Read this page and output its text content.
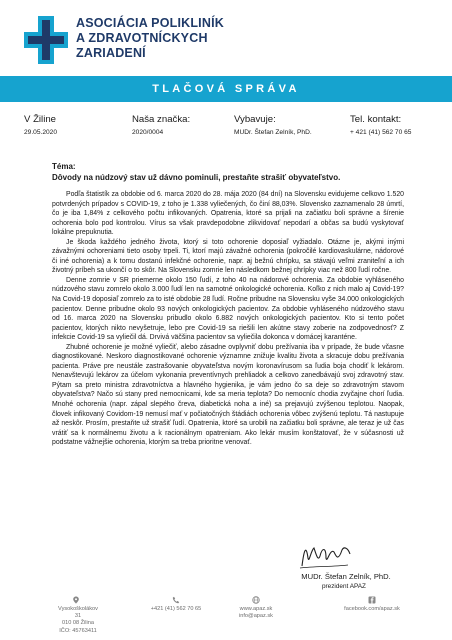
ASOCIÁCIA POLIKLINÍK
A ZDRAVOTNÍCKYCH
ZARIADENÍ
TLAČOVÁ SPRÁVA
V Žiline
29.05.2020
Naša značka:
2020/0004
Vybavuje:
MUDr. Štefan Zelník, PhD.
Tel. kontakt:
+ 421 (41) 562 70 65
Téma:
Dôvody na núdzový stav už dávno pominuli, prestaňte strašiť obyvateľstvo.

Podľa štatistík za obdobie od 6. marca 2020 do 28. mája 2020 (84 dní) na Slovensku evidujeme celkovo 1.520 potvrdených prípadov s COVID-19, z toho je 1.338 vyliečených, čo činí 88,03%. Slovensko zaznamenalo 28 úmrtí, čo je iba 1,84% z celkového počtu infikovaných. Opatrenia, ktoré sa prijali na začiatku boli správne a šírenie ochorenia bolo pod kontrolou. Vírus sa však pravdepodobne zlikvidovať nepodarí a občas sa budú vyskytovať lokálne prepuknutia.

Je škoda každého jedného života, ktorý si toto ochorenie doposiaľ vyžiadalo. Otázne je, akými inými závažnými ochoreniami tieto osoby trpeli. Ti, ktorí majú závažné ochorenia (pokročilé kardiovaskulárne, nádorové či iné ochorenia) a k tomu dostanú infekčné ochorenie, napr. aj bežnú chrípku, sa stávajú veľmi zraniteľní a ich životný príbeh sa ukončí o to skôr. Na Slovensku zomrie len následkom bežnej chrípky viac než 800 ľudí ročne.

Denne zomrie v SR priemerne okolo 150 ľudí, z toho 40 na nádorové ochorenia. Za obdobie vyhláseného núdzového stavu zomrelo okolo 3.000 ľudí len na samotné onkologické ochorenia. Koľko z nich malo aj Covid-19? Na Covid-19 doposiaľ zomrelo za to isté obdobie 28 ľudí. Ročne pribudne na Slovensku vyše 34.000 onkologických pacientov. Denne pribudne okolo 93 nových onkologických pacientov. Za obdobie vyhláseného núdzového stavu od 16. marca 2020 na Slovensku pribudlo okolo 6.882 nových onkologických pacientov. Kto si tento počet pacientov, ktorých nikto nevyšetruje, lebo pre Covid-19 sa riešili len akútne stavy zoberie na zodpovednosť? Z infekcie Covid-19 sa vyliečil dá. Drvivá väčšina pacientov sa vyliečila dokonca v domácej karanténe.

Zhubné ochorenie je možné vyliečiť, alebo zásadne ovplyvniť dobu prežívania iba v prípade, že bude včasne diagnostikované. Neskoro diagnostikované ochorenie významne znižuje kvalitu života a skracuje dobu prežívania pacienta. Práve pre neustále zastrašovanie obyvateľstva novým koronavírusom sa ľudia boja chodiť k lekárom. Nenavštevujú lekárov za účelom vykonania preventívnych prehliadok a celkovo zanedbávajú svoj zdravotný stav. Pýtam sa preto ministra zdravotníctva a hlavného hygienika, je vám jedno čo sa deje so zdravotným stavom obyvateľstva? Načo sú stany pred nemocnicami, kde sa meria teplota? Do nemocníc chodia zvyčajne chorí ľudia. Mnohé ochorenia (napr. zápal slepého čreva, diabetická noha a iné) sa prejavujú zvýšenou teplotou. Naopak, človek infikovaný Covidom-19 nemusí mať v počiatočných štádiách ochorenia vôbec zvýšenú teplotu. Tá nastupuje až neskôr. Prosím, prestaňte už strašiť ľudí. Opatrenia, ktoré sa urobili na začiatku boli správne, ale teraz je už čas vrátiť sa k normálnemu životu a k racionálnym opatreniam. Ako lekár musím konštatovať, že v súčasnosti už podstatne vážnejšie ochorenia, ktorým sa treba prioritne venovať.

MUDr. Štefan Zelník, PhD.
prezident APAZ
Vysokoškolákov 31
010 08 Žilina
IČO: 45763411
+421 (41) 562 70 65	www.apaz.sk
info@apaz.sk
facebook.com/apaz.sk
